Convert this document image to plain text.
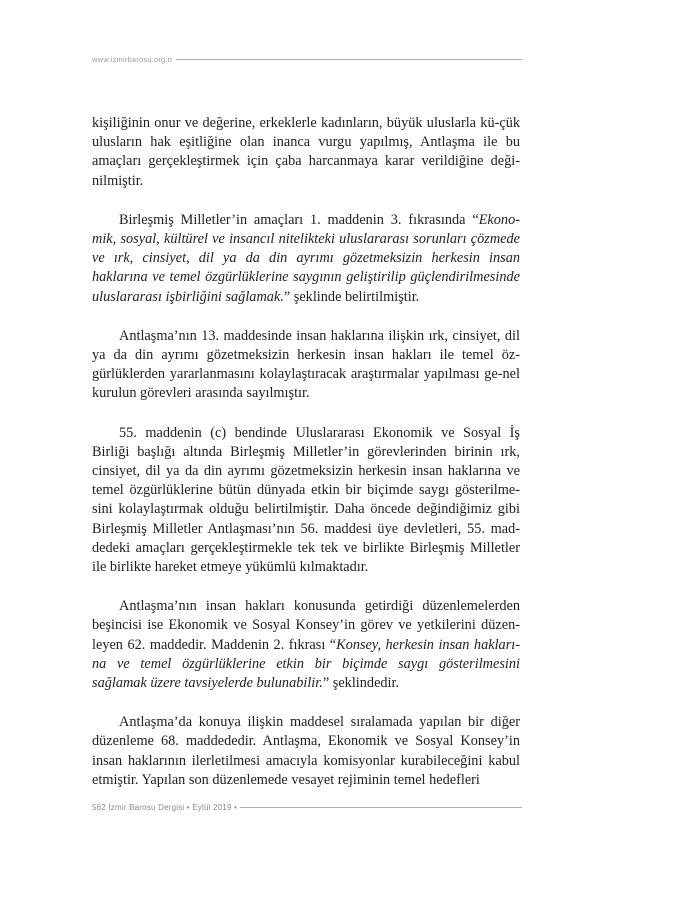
www.izmirbarosu.org.tr

kişiliğinin onur ve değerine, erkeklerle kadınların, büyük uluslarla kü-çük ulusların hak eşitliğine olan inanca vurgu yapılmış, Antlaşma ile bu amaçları gerçekleştirmek için çaba harcanmaya karar verildiğine deği-nilmiştir.

Birleşmiş Milletler’in amaçları 1. maddenin 3. fıkrasında “Ekono-mik, sosyal, kültürel ve insancıl nitelikteki uluslararası sorunları çözmede ve ırk, cinsiyet, dil ya da din ayrımı gözetmeksizin herkesin insan haklarına ve temel özgürlüklerine saygının geliştirilip güçlendirilmesinde uluslararası işbirliğini sağlamak.” şeklinde belirtilmiştir.

Antlaşma’nın 13. maddesinde insan haklarına ilişkin ırk, cinsiyet, dil ya da din ayrımı gözetmeksizin herkesin insan hakları ile temel öz-gürlüklerden yararlanmasını kolaylaştıracak araştırmalar yapılması ge-nel kurulun görevleri arasında sayılmıştır.

55. maddenin (c) bendinde Uluslararası Ekonomik ve Sosyal İş Birliği başlığı altında Birleşmiş Milletler’in görevlerinden birinin ırk, cinsiyet, dil ya da din ayrımı gözetmeksizin herkesin insan haklarına ve temel özgürlüklerine bütün dünyada etkin bir biçimde saygı gösterilme-sini kolaylaştırmak olduğu belirtilmiştir. Daha öncede değindiğimiz gibi Birleşmiş Milletler Antlaşması’nın 56. maddesi üye devletleri, 55. mad-dedeki amaçları gerçekleştirmekle tek tek ve birlikte Birleşmiş Milletler ile birlikte hareket etmeye yükümlü kılmaktadır.

Antlaşma’nın insan hakları konusunda getirdiği düzenlemelerden beşincisi ise Ekonomik ve Sosyal Konsey’in görev ve yetkilerini düzen-leyen 62. maddedir. Maddenin 2. fıkrası “Konsey, herkesin insan hakları-na ve temel özgürlüklerine etkin bir biçimde saygı gösterilmesini sağlamak üzere tavsiyelerde bulunabilir.” şeklindedir.

Antlaşma’da konuya ilişkin maddesel sıralamada yapılan bir diğer düzenleme 68. maddededir. Antlaşma, Ekonomik ve Sosyal Konsey’in insan haklarının ilerletilmesi amacıyla komisyonlar kurabileceğini kabul etmiştir. Yapılan son düzenlemede vesayet rejiminin temel hedefleri

562 İzmir Barosu Dergisi • Eylül 2019 •
